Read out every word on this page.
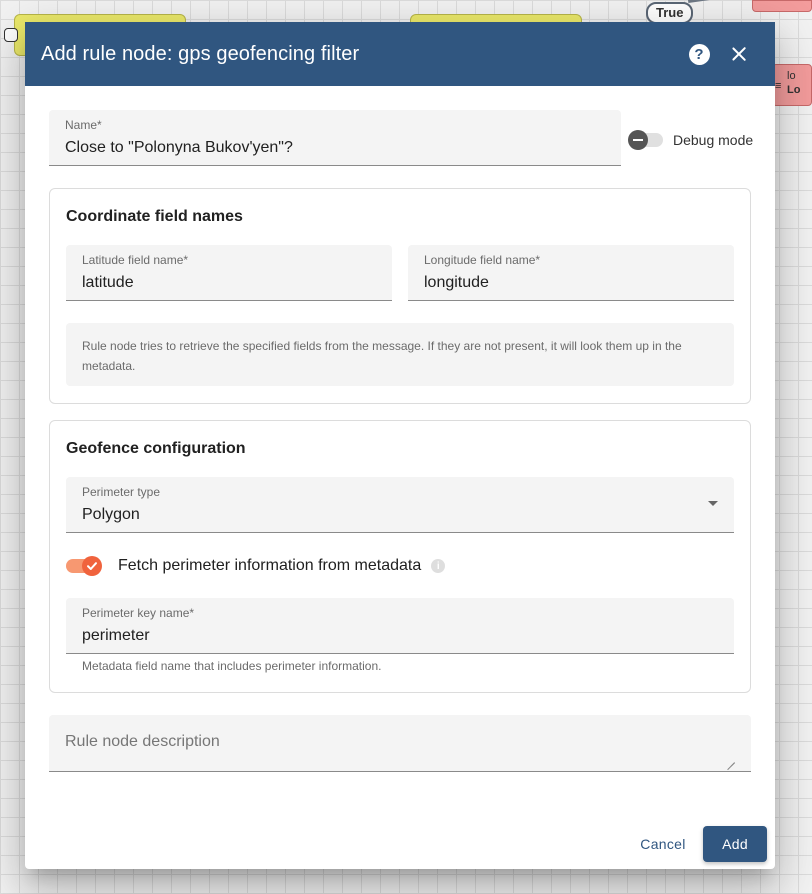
True
≡
lo
Lo
Add rule node: gps geofencing filter	?
Name*
Close to "Polonyna Bukov'yen"?	Debug mode
Coordinate field names
Latitude field name*
latitude
Longitude field name*
longitude
Rule node tries to retrieve the specified fields from the message. If they are not present, it will look them up in the metadata.
Geofence configuration
Perimeter type
Polygon
Fetch perimeter information from metadata	i
Perimeter key name*
perimeter
Metadata field name that includes perimeter information.
Rule node description
Cancel	Add
